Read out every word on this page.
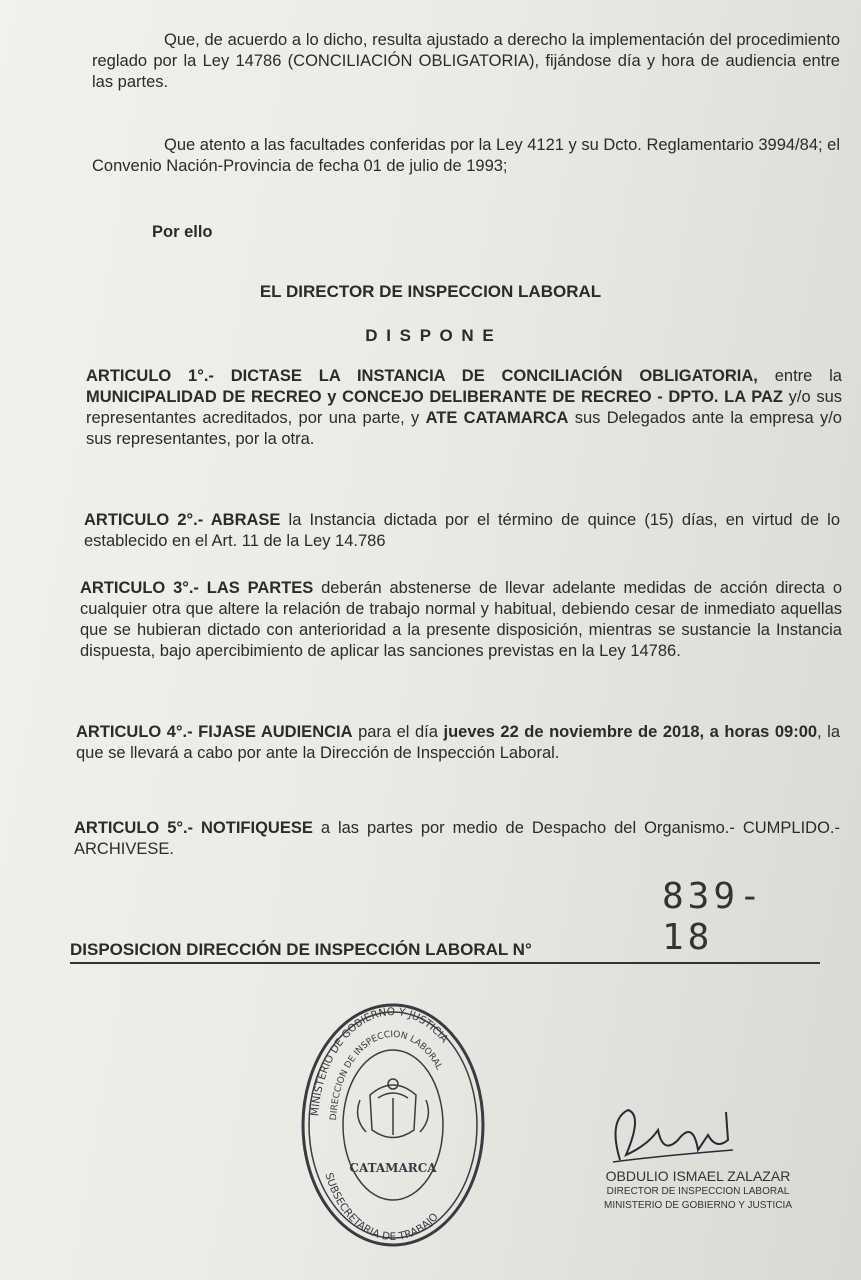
Que, de acuerdo a lo dicho, resulta ajustado a derecho la implementación del procedimiento reglado por la Ley 14786 (CONCILIACIÓN OBLIGATORIA), fijándose día y hora de audiencia entre las partes.
Que atento a las facultades conferidas por la Ley 4121 y su Dcto. Reglamentario 3994/84; el Convenio Nación-Provincia de fecha 01 de julio de 1993;
Por ello
EL DIRECTOR DE INSPECCION LABORAL
D I S P O N E
ARTICULO 1°.- DICTASE LA INSTANCIA DE CONCILIACIÓN OBLIGATORIA, entre la MUNICIPALIDAD DE RECREO y CONCEJO DELIBERANTE DE RECREO - DPTO. LA PAZ y/o sus representantes acreditados, por una parte, y ATE CATAMARCA sus Delegados ante la empresa y/o sus representantes, por la otra.
ARTICULO 2°.- ABRASE la Instancia dictada por el término de quince (15) días, en virtud de lo establecido en el Art. 11 de la Ley 14.786
ARTICULO 3°.- LAS PARTES deberán abstenerse de llevar adelante medidas de acción directa o cualquier otra que altere la relación de trabajo normal y habitual, debiendo cesar de inmediato aquellas que se hubieran dictado con anterioridad a la presente disposición, mientras se sustancie la Instancia dispuesta, bajo apercibimiento de aplicar las sanciones previstas en la Ley 14786.
ARTICULO 4°.- FIJASE AUDIENCIA para el día jueves 22 de noviembre de 2018, a horas 09:00, la que se llevará a cabo por ante la Dirección de Inspección Laboral.
ARTICULO 5°.- NOTIFIQUESE a las partes por medio de Despacho del Organismo.- CUMPLIDO.- ARCHIVESE.
DISPOSICION DIRECCIÓN DE INSPECCIÓN LABORAL N°
839- 18
MINISTERIO DE GOBIERNO Y JUSTICIA
DIRECCION DE INSPECCION LABORAL
SUBSECRETARIA DE TRABAJO
CATAMARCA	OBDULIO ISMAEL ZALAZAR
DIRECTOR DE INSPECCION LABORAL
MINISTERIO DE GOBIERNO Y JUSTICIA
